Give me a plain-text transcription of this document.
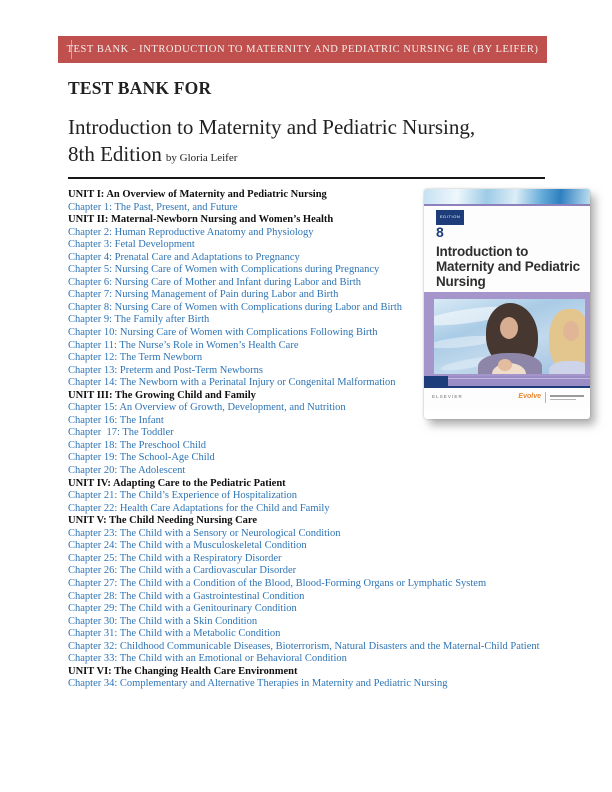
TEST BANK - INTRODUCTION TO MATERNITY AND PEDIATRIC NURSING 8E (BY LEIFER)
TEST BANK FOR
Introduction to Maternity and Pediatric Nursing,
8th Edition by Gloria Leifer
EDITION
8
Introduction to Maternity and Pediatric Nursing
ELSEVIER	Evolve
UNIT I: An Overview of Maternity and Pediatric Nursing
Chapter 1: The Past, Present, and Future
UNIT II: Maternal-Newborn Nursing and Women’s Health
Chapter 2: Human Reproductive Anatomy and Physiology
Chapter 3: Fetal Development
Chapter 4: Prenatal Care and Adaptations to Pregnancy
Chapter 5: Nursing Care of Women with Complications during Pregnancy
Chapter 6: Nursing Care of Mother and Infant during Labor and Birth
Chapter 7: Nursing Management of Pain during Labor and Birth
Chapter 8: Nursing Care of Women with Complications during Labor and Birth
Chapter 9: The Family after Birth
Chapter 10: Nursing Care of Women with Complications Following Birth
Chapter 11: The Nurse’s Role in Women’s Health Care
Chapter 12: The Term Newborn
Chapter 13: Preterm and Post-Term Newborns
Chapter 14: The Newborn with a Perinatal Injury or Congenital Malformation
UNIT III: The Growing Child and Family
Chapter 15: An Overview of Growth, Development, and Nutrition
Chapter 16: The Infant
Chapter  17: The Toddler
Chapter 18: The Preschool Child
Chapter 19: The School-Age Child
Chapter 20: The Adolescent
UNIT IV: Adapting Care to the Pediatric Patient
Chapter 21: The Child’s Experience of Hospitalization
Chapter 22: Health Care Adaptations for the Child and Family
UNIT V: The Child Needing Nursing Care
Chapter 23: The Child with a Sensory or Neurological Condition
Chapter 24: The Child with a Musculoskeletal Condition
Chapter 25: The Child with a Respiratory Disorder
Chapter 26: The Child with a Cardiovascular Disorder
Chapter 27: The Child with a Condition of the Blood, Blood-Forming Organs or Lymphatic System
Chapter 28: The Child with a Gastrointestinal Condition
Chapter 29: The Child with a Genitourinary Condition
Chapter 30: The Child with a Skin Condition
Chapter 31: The Child with a Metabolic Condition
Chapter 32: Childhood Communicable Diseases, Bioterrorism, Natural Disasters and the Maternal-Child Patient
Chapter 33: The Child with an Emotional or Behavioral Condition
UNIT VI: The Changing Health Care Environment
Chapter 34: Complementary and Alternative Therapies in Maternity and Pediatric Nursing
